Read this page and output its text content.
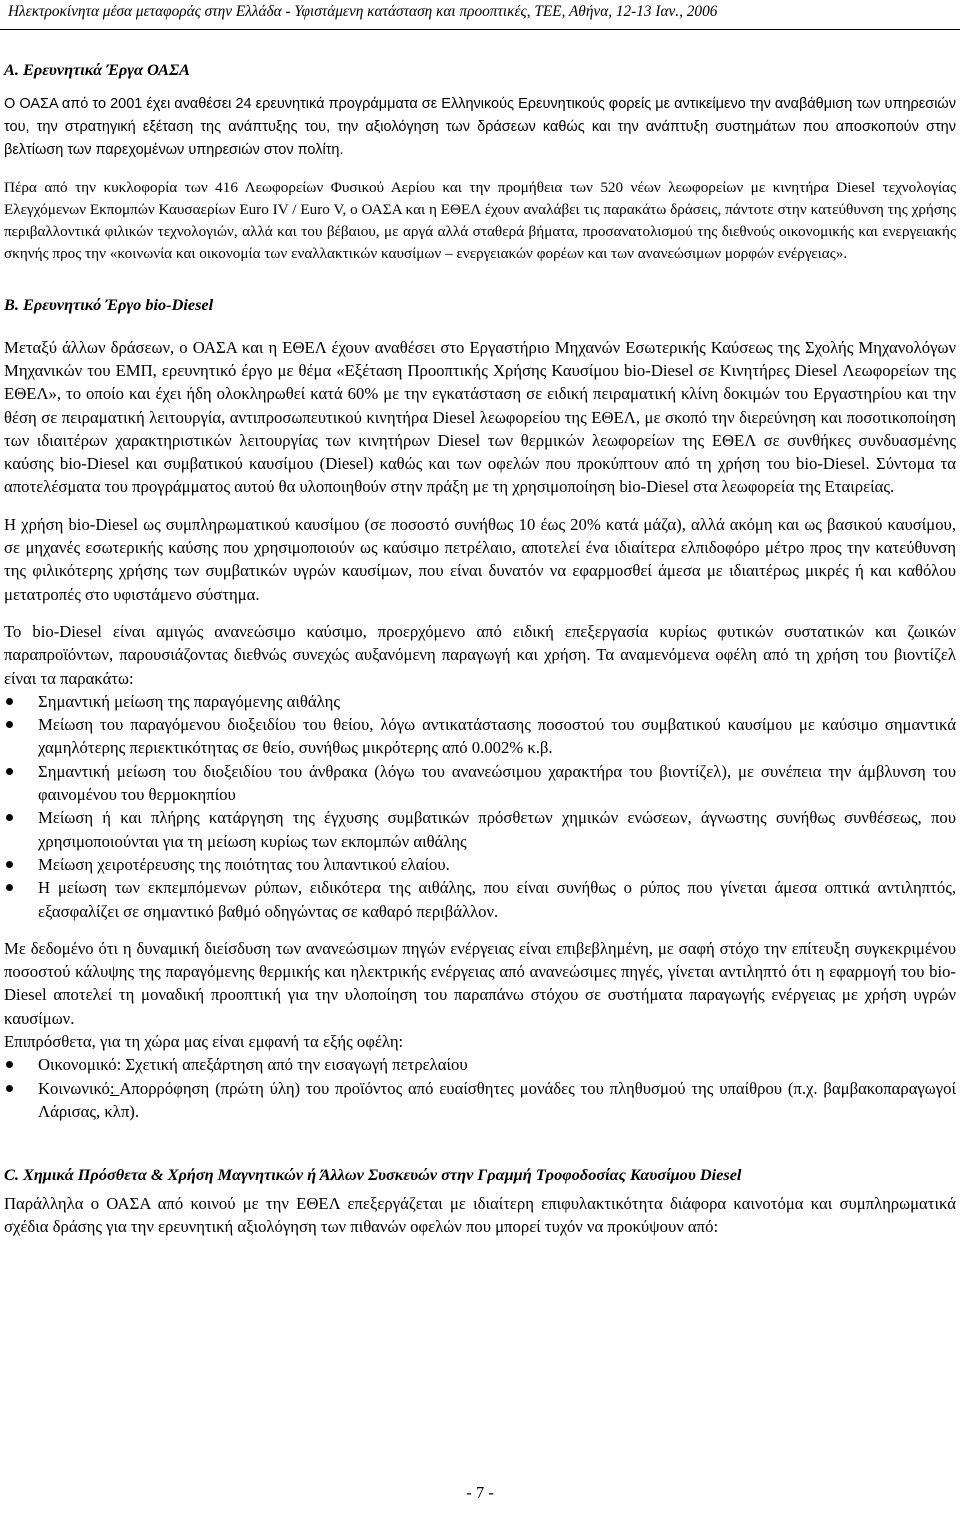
Ηλεκτροκίνητα μέσα μεταφοράς στην Ελλάδα - Υφιστάμενη κατάσταση και προοπτικές, ΤΕΕ, Αθήνα, 12-13 Ιαν., 2006
Α. Ερευνητικά Έργα ΟΑΣΑ

Ο ΟΑΣΑ από το 2001 έχει αναθέσει 24 ερευνητικά προγράμματα σε Ελληνικούς Ερευνητικούς φορείς με αντικείμενο την αναβάθμιση των υπηρεσιών του, την στρατηγική εξέταση της ανάπτυξης του, την αξιολόγηση των δράσεων καθώς και την ανάπτυξη συστημάτων που αποσκοπούν στην βελτίωση των παρεχομένων υπηρεσιών στον πολίτη.

Πέρα από την κυκλοφορία των 416 Λεωφορείων Φυσικού Αερίου και την προμήθεια των 520 νέων λεωφορείων με κινητήρα Diesel τεχνολογίας Ελεγχόμενων Εκπομπών Καυσαερίων Euro IV / Euro V, ο ΟΑΣΑ και η ΕΘΕΛ έχουν αναλάβει τις παρακάτω δράσεις, πάντοτε στην κατεύθυνση της χρήσης περιβαλλοντικά φιλικών τεχνολογιών, αλλά και του βέβαιου, με αργά αλλά σταθερά βήματα, προσανατολισμού της διεθνούς οικονομικής και ενεργειακής σκηνής προς την «κοινωνία και οικονομία των εναλλακτικών καυσίμων – ενεργειακών φορέων και των ανανεώσιμων μορφών ενέργειας».

Β. Ερευνητικό Έργο bio-Diesel

Μεταξύ άλλων δράσεων, ο ΟΑΣΑ και η ΕΘΕΛ έχουν αναθέσει στο Εργαστήριο Μηχανών Εσωτερικής Καύσεως της Σχολής Μηχανολόγων Μηχανικών του ΕΜΠ, ερευνητικό έργο με θέμα «Εξέταση Προοπτικής Χρήσης Καυσίμου bio-Diesel σε Κινητήρες Diesel Λεωφορείων της ΕΘΕΛ», το οποίο και έχει ήδη ολοκληρωθεί κατά 60% με την εγκατάσταση σε ειδική πειραματική κλίνη δοκιμών του Εργαστηρίου και την θέση σε πειραματική λειτουργία, αντιπροσωπευτικού κινητήρα Diesel λεωφορείου της ΕΘΕΛ, με σκοπό την διερεύνηση και ποσοτικοποίηση των ιδιαιτέρων χαρακτηριστικών λειτουργίας των κινητήρων Diesel των θερμικών λεωφορείων της ΕΘΕΛ σε συνθήκες συνδυασμένης καύσης bio-Diesel και συμβατικού καυσίμου (Diesel) καθώς και των οφελών που προκύπτουν από τη χρήση του bio-Diesel. Σύντομα τα αποτελέσματα του προγράμματος αυτού θα υλοποιηθούν στην πράξη με τη χρησιμοποίηση bio-Diesel στα λεωφορεία της Εταιρείας.

Η χρήση bio-Diesel ως συμπληρωματικού καυσίμου (σε ποσοστό συνήθως 10 έως 20% κατά μάζα), αλλά ακόμη και ως βασικού καυσίμου, σε μηχανές εσωτερικής καύσης που χρησιμοποιούν ως καύσιμο πετρέλαιο, αποτελεί ένα ιδιαίτερα ελπιδοφόρο μέτρο προς την κατεύθυνση της φιλικότερης χρήσης των συμβατικών υγρών καυσίμων, που είναι δυνατόν να εφαρμοσθεί άμεσα με ιδιαιτέρως μικρές ή και καθόλου μετατροπές στο υφιστάμενο σύστημα.

Το bio-Diesel είναι αμιγώς ανανεώσιμο καύσιμο, προερχόμενο από ειδική επεξεργασία κυρίως φυτικών συστατικών και ζωικών παραπροϊόντων, παρουσιάζοντας διεθνώς συνεχώς αυξανόμενη παραγωγή και χρήση. Τα αναμενόμενα οφέλη από τη χρήση του βιοντίζελ είναι τα παρακάτω:

Σημαντική μείωση της παραγόμενης αιθάλης
Μείωση του παραγόμενου διοξειδίου του θείου, λόγω αντικατάστασης ποσοστού του συμβατικού καυσίμου με καύσιμο σημαντικά χαμηλότερης περιεκτικότητας σε θείο, συνήθως μικρότερης από 0.002% κ.β.
Σημαντική μείωση του διοξειδίου του άνθρακα (λόγω του ανανεώσιμου χαρακτήρα του βιοντίζελ), με συνέπεια την άμβλυνση του φαινομένου του θερμοκηπίου
Μείωση ή και πλήρης κατάργηση της έγχυσης συμβατικών πρόσθετων χημικών ενώσεων, άγνωστης συνήθως συνθέσεως, που χρησιμοποιούνται για τη μείωση κυρίως των εκπομπών αιθάλης
Μείωση χειροτέρευσης της ποιότητας του λιπαντικού ελαίου.
Η μείωση των εκπεμπόμενων ρύπων, ειδικότερα της αιθάλης, που είναι συνήθως ο ρύπος που γίνεται άμεσα οπτικά αντιληπτός, εξασφαλίζει σε σημαντικό βαθμό οδηγώντας σε καθαρό περιβάλλον.

Με δεδομένο ότι η δυναμική διείσδυση των ανανεώσιμων πηγών ενέργειας είναι επιβεβλημένη, με σαφή στόχο την επίτευξη συγκεκριμένου ποσοστού κάλυψης της παραγόμενης θερμικής και ηλεκτρικής ενέργειας από ανανεώσιμες πηγές, γίνεται αντιληπτό ότι η εφαρμογή του bio-Diesel αποτελεί τη μοναδική προοπτική για την υλοποίηση του παραπάνω στόχου σε συστήματα παραγωγής ενέργειας με χρήση υγρών καυσίμων.

Επιπρόσθετα, για τη χώρα μας είναι εμφανή τα εξής οφέλη:

Οικονομικό: Σχετική απεξάρτηση από την εισαγωγή πετρελαίου
Κοινωνικό: Απορρόφηση (πρώτη ύλη) του προϊόντος από ευαίσθητες μονάδες του πληθυσμού της υπαίθρου (π.χ. βαμβακοπαραγωγοί Λάρισας, κλπ).
C. Χημικά Πρόσθετα & Χρήση Μαγνητικών ή Άλλων Συσκευών στην Γραμμή Τροφοδοσίας Καυσίμου Diesel

Παράλληλα ο ΟΑΣΑ από κοινού με την ΕΘΕΛ επεξεργάζεται με ιδιαίτερη επιφυλακτικότητα διάφορα καινοτόμα και συμπληρωματικά σχέδια δράσης για την ερευνητική αξιολόγηση των πιθανών οφελών που μπορεί τυχόν να προκύψουν από:

- 7 -
